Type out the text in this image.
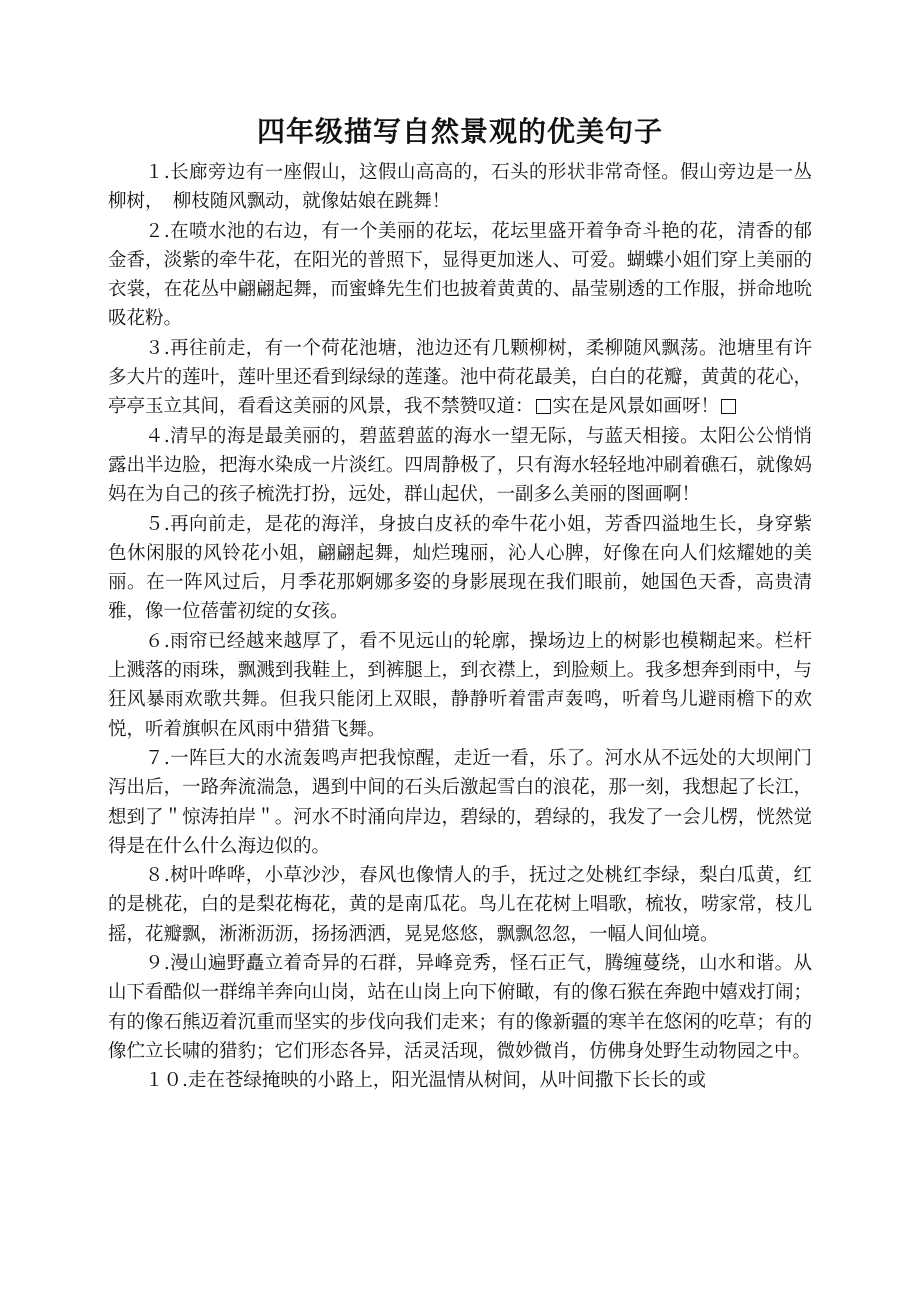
四年级描写自然景观的优美句子

１.长廊旁边有一座假山，这假山高高的，石头的形状非常奇怪。假山旁边是一丛柳树，　柳枝随风飘动，就像姑娘在跳舞！

２.在喷水池的右边，有一个美丽的花坛，花坛里盛开着争奇斗艳的花，清香的郁金香，淡紫的牵牛花，在阳光的普照下，显得更加迷人、可爱。蝴蝶小姐们穿上美丽的衣裳，在花丛中翩翩起舞，而蜜蜂先生们也披着黄黄的、晶莹剔透的工作服，拼命地吮吸花粉。

３.再往前走，有一个荷花池塘，池边还有几颗柳树，柔柳随风飘荡。池塘里有许多大片的莲叶，莲叶里还看到绿绿的莲蓬。池中荷花最美，白白的花瓣，黄黄的花心，亭亭玉立其间，看看这美丽的风景，我不禁赞叹道： 实在是风景如画呀！

４.清早的海是最美丽的，碧蓝碧蓝的海水一望无际，与蓝天相接。太阳公公悄悄露出半边脸，把海水染成一片淡红。四周静极了，只有海水轻轻地冲刷着礁石，就像妈妈在为自己的孩子梳洗打扮，远处，群山起伏，一副多么美丽的图画啊！

５.再向前走，是花的海洋，身披白皮袄的牵牛花小姐，芳香四溢地生长，身穿紫色休闲服的风铃花小姐，翩翩起舞，灿烂瑰丽，沁人心脾，好像在向人们炫耀她的美丽。在一阵风过后，月季花那婀娜多姿的身影展现在我们眼前，她国色天香，高贵清雅，像一位蓓蕾初绽的女孩。

６.雨帘已经越来越厚了，看不见远山的轮廓，操场边上的树影也模糊起来。栏杆上溅落的雨珠，飘溅到我鞋上，到裤腿上，到衣襟上，到脸颊上。我多想奔到雨中，与狂风暴雨欢歌共舞。但我只能闭上双眼，静静听着雷声轰鸣，听着鸟儿避雨檐下的欢悦，听着旗帜在风雨中猎猎飞舞。

７.一阵巨大的水流轰鸣声把我惊醒，走近一看，乐了。河水从不远处的大坝闸门泻出后，一路奔流湍急，遇到中间的石头后激起雪白的浪花，那一刻，我想起了长江，想到了＂惊涛拍岸＂。河水不时涌向岸边，碧绿的，碧绿的，我发了一会儿楞，恍然觉得是在什么什么海边似的。

８.树叶哗哗，小草沙沙，春风也像情人的手，抚过之处桃红李绿，梨白瓜黄，红的是桃花，白的是梨花梅花，黄的是南瓜花。鸟儿在花树上唱歌，梳妆，唠家常，枝儿摇，花瓣飘，淅淅沥沥，扬扬洒洒，晃晃悠悠，飘飘忽忽，一幅人间仙境。

９.漫山遍野矗立着奇异的石群，异峰竞秀，怪石正气，腾缠蔓绕，山水和谐。从山下看酷似一群绵羊奔向山岗，站在山岗上向下俯瞰，有的像石猴在奔跑中嬉戏打闹；有的像石熊迈着沉重而坚实的步伐向我们走来；有的像新疆的寒羊在悠闲的吃草；有的像伫立长啸的猎豹；它们形态各异，活灵活现，微妙微肖，仿佛身处野生动物园之中。

１０.走在苍绿掩映的小路上，阳光温情从树间，从叶间撒下长长的或
